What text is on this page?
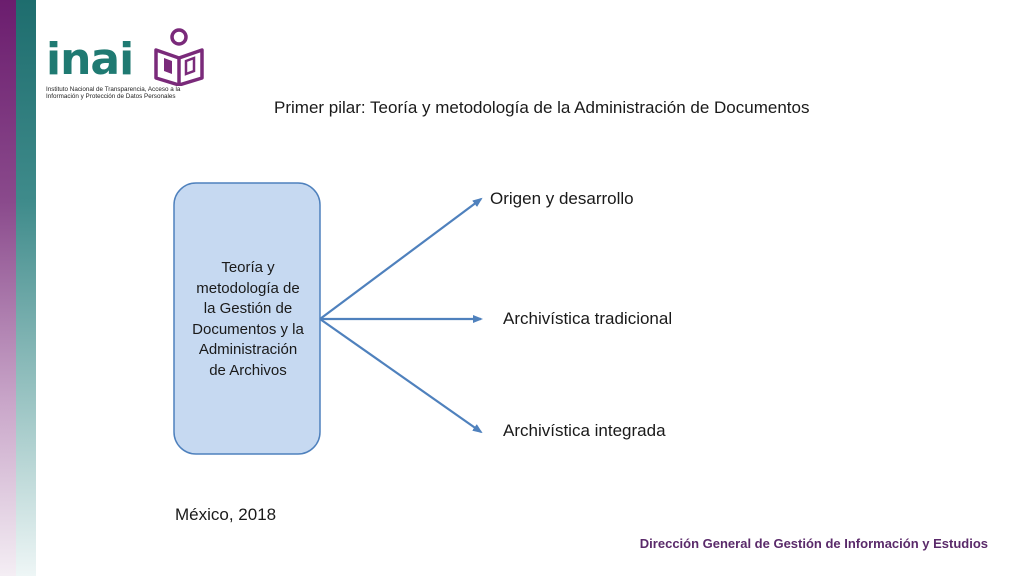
inai
Instituto Nacional de Transparencia, Acceso a la
Información y Protección de Datos Personales
Primer pilar: Teoría y metodología de la Administración de Documentos
Teoría y
metodología de
la Gestión de
Documentos y la
Administración
de Archivos
Origen y desarrollo
Archivística tradicional
Archivística integrada
México, 2018
Dirección General de Gestión de Información y Estudios
